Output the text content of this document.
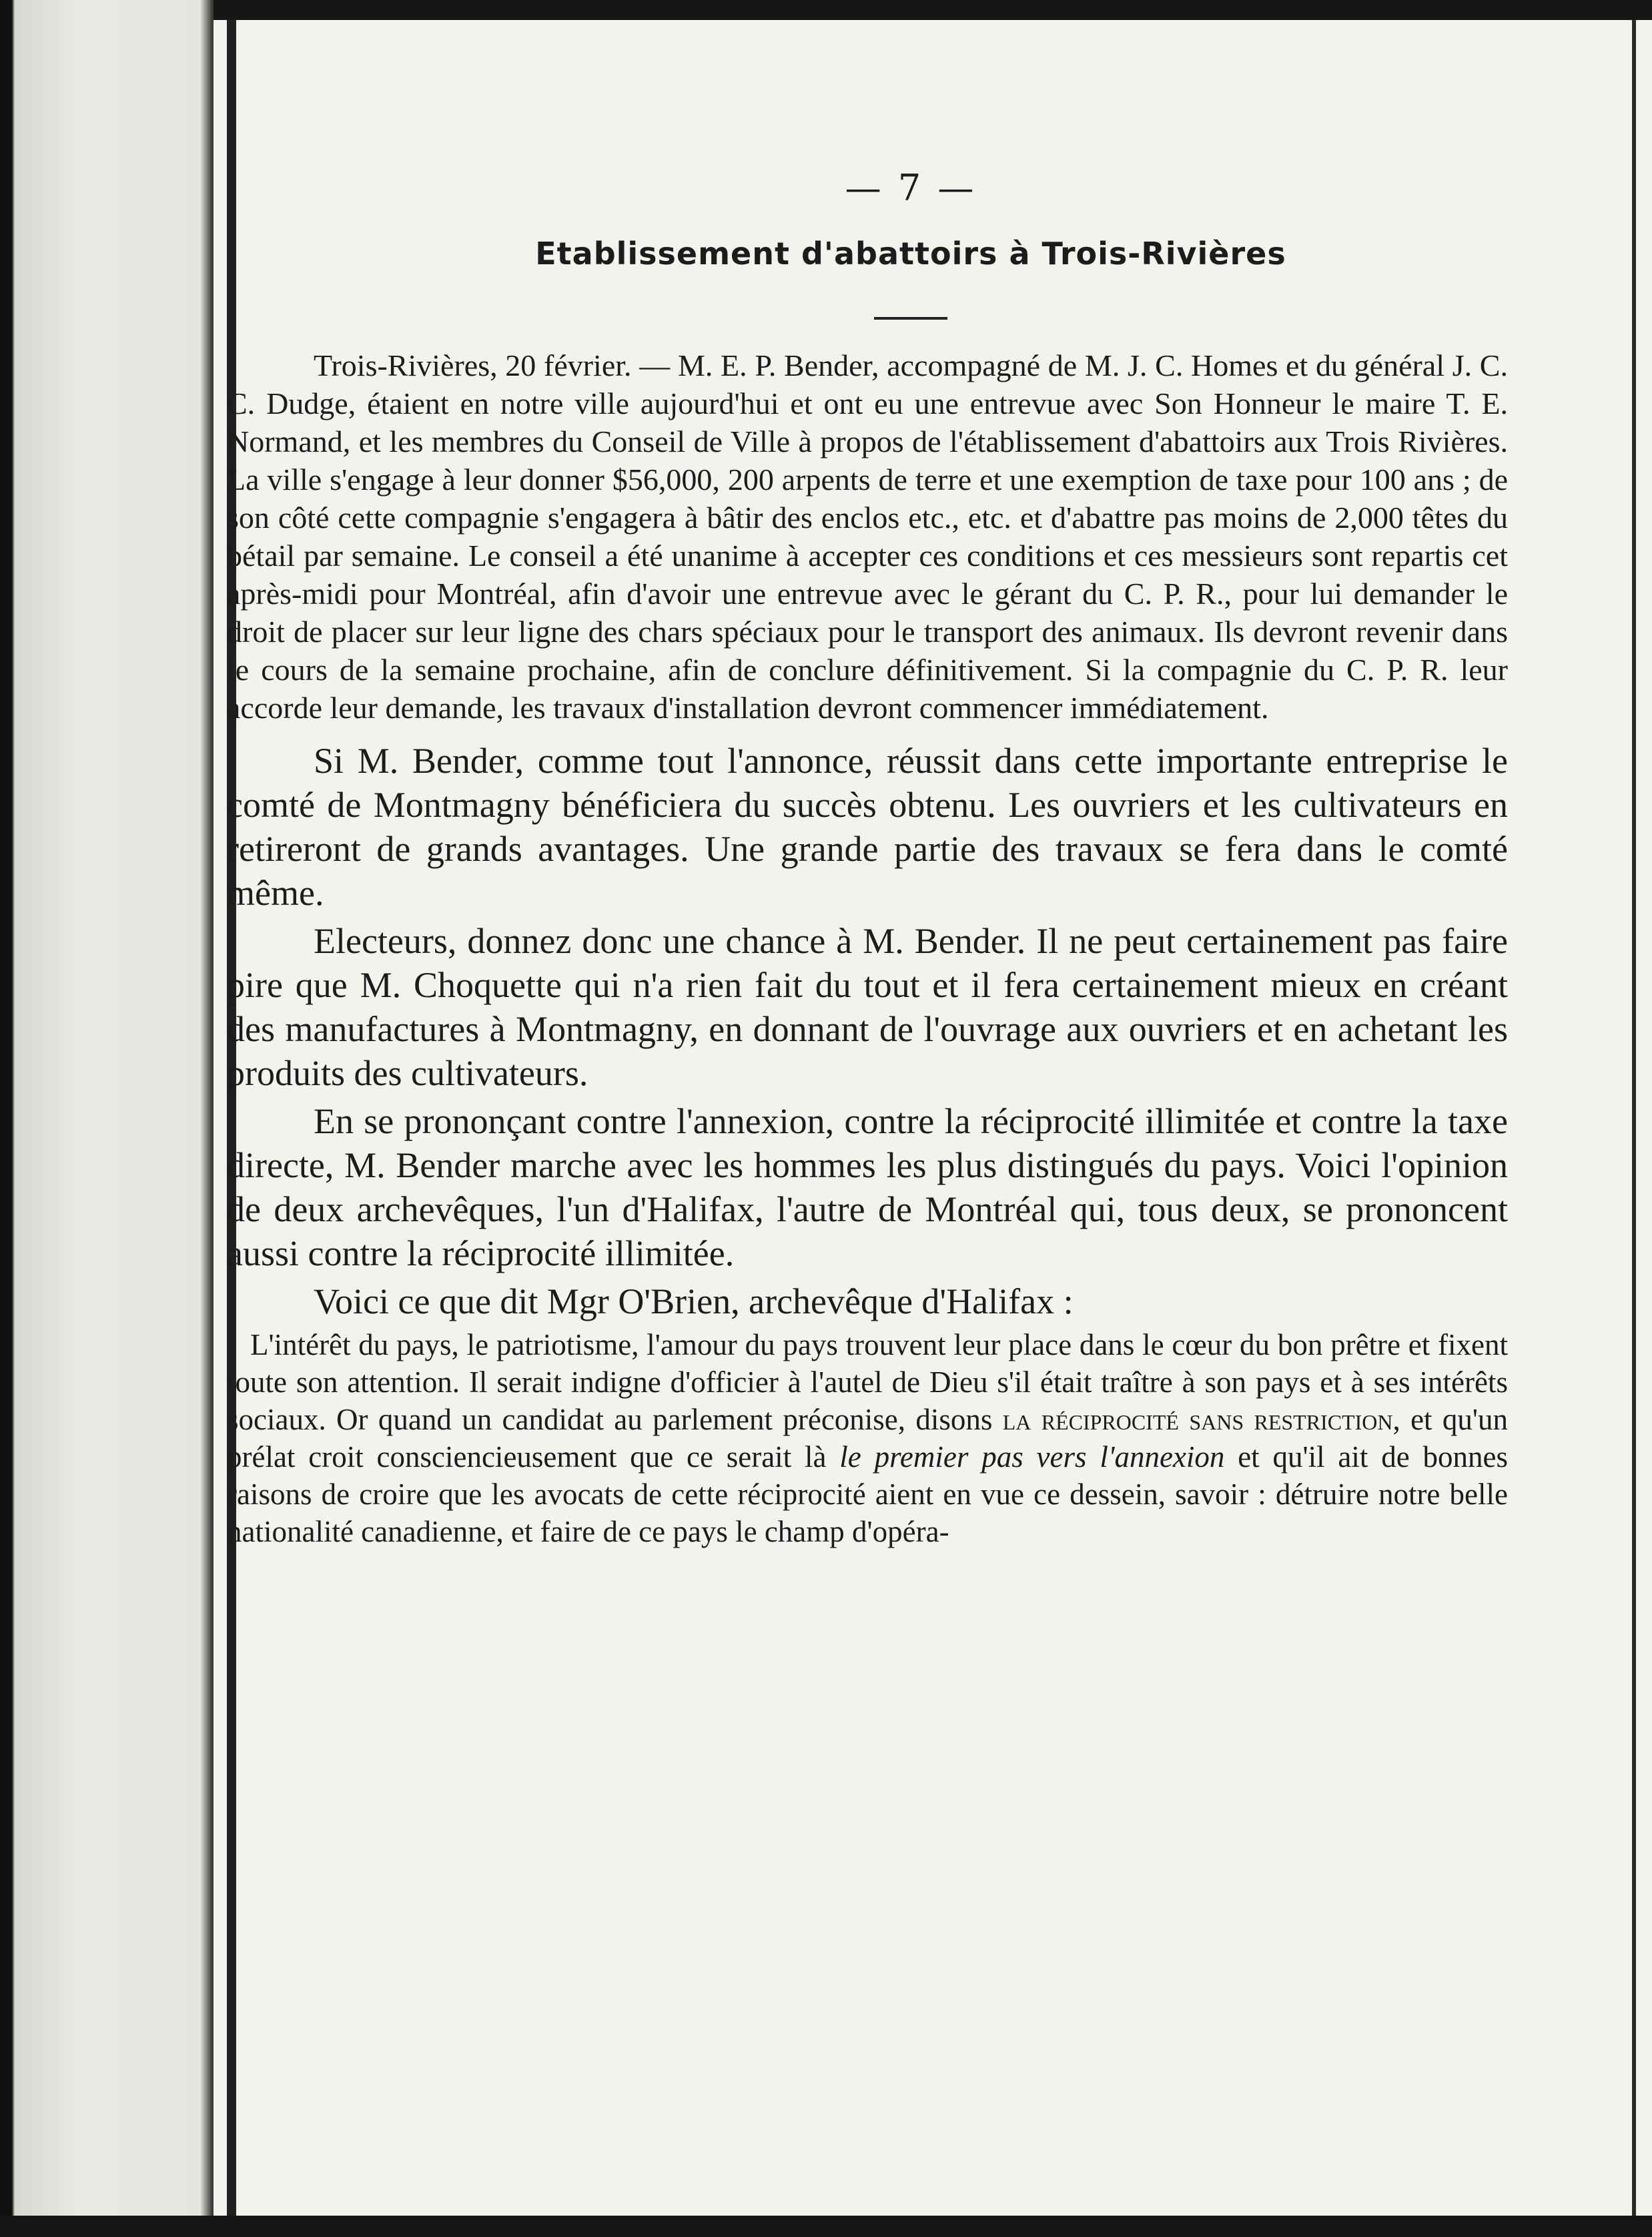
— 7 —
Etablissement d'abattoirs à Trois-Rivières

Trois-Rivières, 20 février. — M. E. P. Bender, accompagné de M. J. C. Homes et du général J. C. C. Dudge, étaient en notre ville aujourd'hui et ont eu une entrevue avec Son Honneur le maire T. E. Normand, et les membres du Conseil de Ville à propos de l'établissement d'abattoirs aux Trois Rivières. La ville s'engage à leur donner $56,000, 200 arpents de terre et une exemption de taxe pour 100 ans ; de son côté cette compagnie s'engagera à bâtir des enclos etc., etc. et d'abattre pas moins de 2,000 têtes du bétail par semaine. Le conseil a été unanime à accepter ces conditions et ces messieurs sont repartis cet après-midi pour Montréal, afin d'avoir une entrevue avec le gérant du C. P. R., pour lui demander le droit de placer sur leur ligne des chars spéciaux pour le transport des animaux. Ils devront revenir dans le cours de la semaine prochaine, afin de conclure définitivement. Si la compagnie du C. P. R. leur accorde leur demande, les travaux d'installation devront commencer immédiatement.

Si M. Bender, comme tout l'annonce, réussit dans cette importante entreprise le comté de Montmagny bénéficiera du succès obtenu. Les ouvriers et les cultivateurs en retireront de grands avantages. Une grande partie des travaux se fera dans le comté même.

Electeurs, donnez donc une chance à M. Bender. Il ne peut certainement pas faire pire que M. Choquette qui n'a rien fait du tout et il fera certainement mieux en créant des manufactures à Montmagny, en donnant de l'ouvrage aux ouvriers et en achetant les produits des cultivateurs.

En se prononçant contre l'annexion, contre la réciprocité illimitée et contre la taxe directe, M. Bender marche avec les hommes les plus distingués du pays. Voici l'opinion de deux archevêques, l'un d'Halifax, l'autre de Montréal qui, tous deux, se prononcent aussi contre la réciprocité illimitée.

Voici ce que dit Mgr O'Brien, archevêque d'Halifax :

L'intérêt du pays, le patriotisme, l'amour du pays trouvent leur place dans le cœur du bon prêtre et fixent toute son attention. Il serait indigne d'officier à l'autel de Dieu s'il était traître à son pays et à ses intérêts sociaux. Or quand un candidat au parlement préconise, disons la réciprocité sans restriction, et qu'un prélat croit consciencieusement que ce serait là le premier pas vers l'annexion et qu'il ait de bonnes raisons de croire que les avocats de cette réciprocité aient en vue ce dessein, savoir : détruire notre belle nationalité canadienne, et faire de ce pays le champ d'opéra-
